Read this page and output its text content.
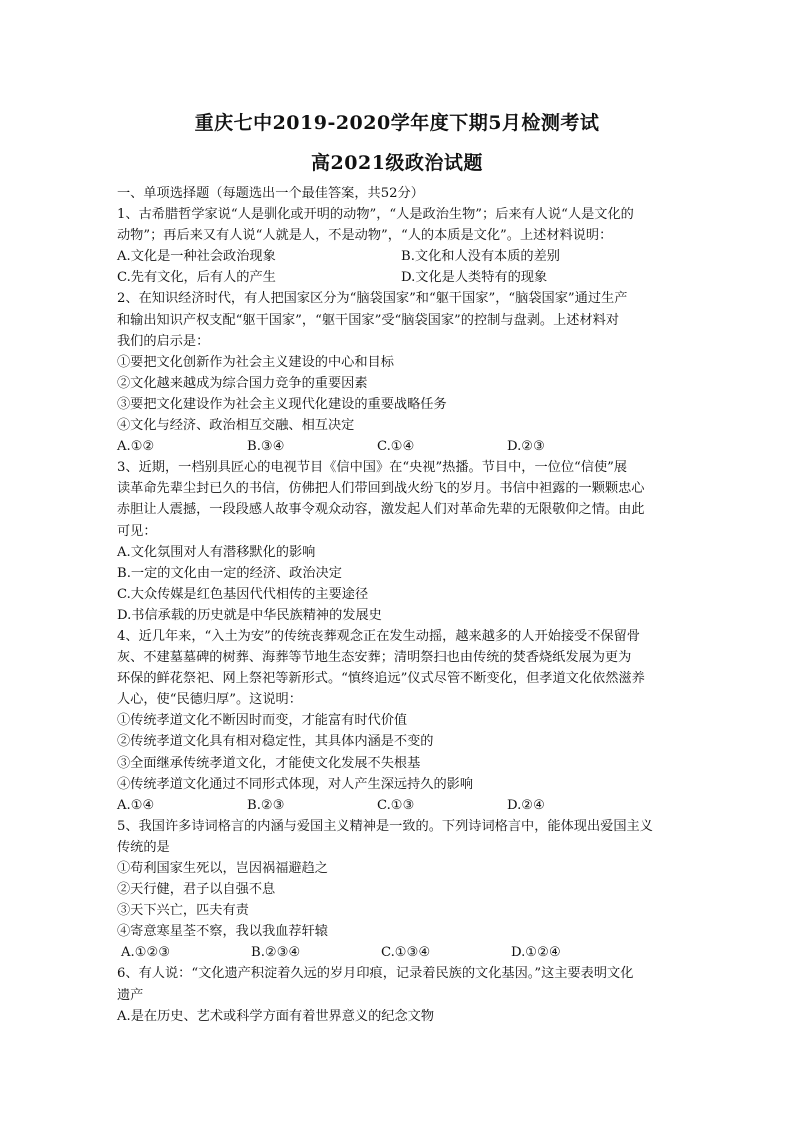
重庆七中2019-2020学年度下期5月检测考试
高2021级政治试题
一、单项选择题（每题选出一个最佳答案，共52分）
1、古希腊哲学家说“人是驯化或开明的动物”，“人是政治生物”；后来有人说“人是文化的
动物”；再后来又有人说“人就是人，不是动物”，“人的本质是文化”。上述材料说明：
A.文化是一种社会政治现象	B.文化和人没有本质的差别
C.先有文化，后有人的产生	D.文化是人类特有的现象
2、在知识经济时代，有人把国家区分为“脑袋国家”和“躯干国家”，“脑袋国家”通过生产
和输出知识产权支配“躯干国家”，“躯干国家”受“脑袋国家”的控制与盘剥。上述材料对
我们的启示是：
①要把文化创新作为社会主义建设的中心和目标
②文化越来越成为综合国力竞争的重要因素
③要把文化建设作为社会主义现代化建设的重要战略任务
④文化与经济、政治相互交融、相互决定
A.①②	B.③④	C.①④	D.②③
3、近期，一档别具匠心的电视节目《信中国》在“央视”热播。节目中，一位位“信使”展
读革命先辈尘封已久的书信，仿佛把人们带回到战火纷飞的岁月。书信中袒露的一颗颗忠心
赤胆让人震撼，一段段感人故事令观众动容，激发起人们对革命先辈的无限敬仰之情。由此
可见：
A.文化氛围对人有潜移默化的影响
B.一定的文化由一定的经济、政治决定
C.大众传媒是红色基因代代相传的主要途径
D.书信承载的历史就是中华民族精神的发展史
4、近几年来，“入土为安”的传统丧葬观念正在发生动摇，越来越多的人开始接受不保留骨
灰、不建墓墓碑的树葬、海葬等节地生态安葬；清明祭扫也由传统的焚香烧纸发展为更为
环保的鲜花祭祀、网上祭祀等新形式。“慎终追远”仪式尽管不断变化，但孝道文化依然滋养
人心，使“民德归厚”。这说明：
①传统孝道文化不断因时而变，才能富有时代价值
②传统孝道文化具有相对稳定性，其具体内涵是不变的
③全面继承传统孝道文化，才能使文化发展不失根基
④传统孝道文化通过不同形式体现，对人产生深远持久的影响
A.①④	B.②③	C.①③	D.②④
5、我国许多诗词格言的内涵与爱国主义精神是一致的。下列诗词格言中，能体现出爱国主义
传统的是
①苟利国家生死以，岂因祸福避趋之
②天行健，君子以自强不息
③天下兴亡，匹夫有责
④寄意寒星荃不察，我以我血荐轩辕
A.①②③	B.②③④	C.①③④	D.①②④
6、有人说：“文化遗产积淀着久远的岁月印痕，记录着民族的文化基因。”这主要表明文化
遗产
A.是在历史、艺术或科学方面有着世界意义的纪念文物
